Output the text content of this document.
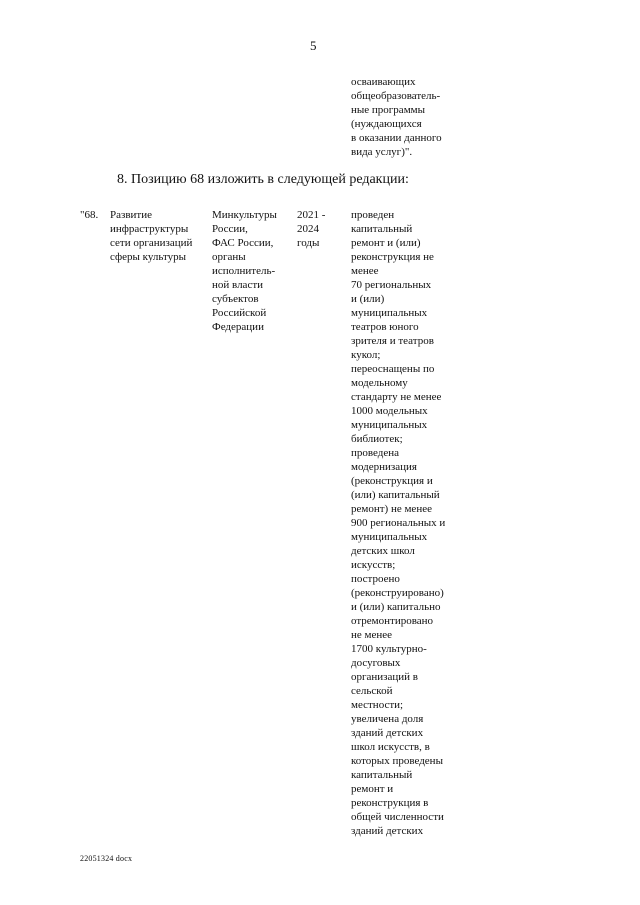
5
осваивающих
общеобразователь-
ные программы
(нуждающихся
в оказании данного
вида услуг)".
8. Позицию 68 изложить в следующей редакции:
"68.	Развитие
инфраструктуры
сети организаций
сферы культуры
Минкультуры
России,
ФАС России,
органы
исполнитель-
ной власти
субъектов
Российской
Федерации
2021 -
2024
годы
проведен
капитальный
ремонт и (или)
реконструкция не
менее
70 региональных
и (или)
муниципальных
театров юного
зрителя и театров
кукол;
переоснащены по
модельному
стандарту не менее
1000 модельных
муниципальных
библиотек;
проведена
модернизация
(реконструкция и
(или) капитальный
ремонт) не менее
900 региональных и
муниципальных
детских школ
искусств;
построено
(реконструировано)
и (или) капитально
отремонтировано
не менее
1700 культурно-
досуговых
организаций в
сельской
местности;
увеличена доля
зданий детских
школ искусств, в
которых проведены
капитальный
ремонт и
реконструкция в
общей численности
зданий детских
22051324 docx
